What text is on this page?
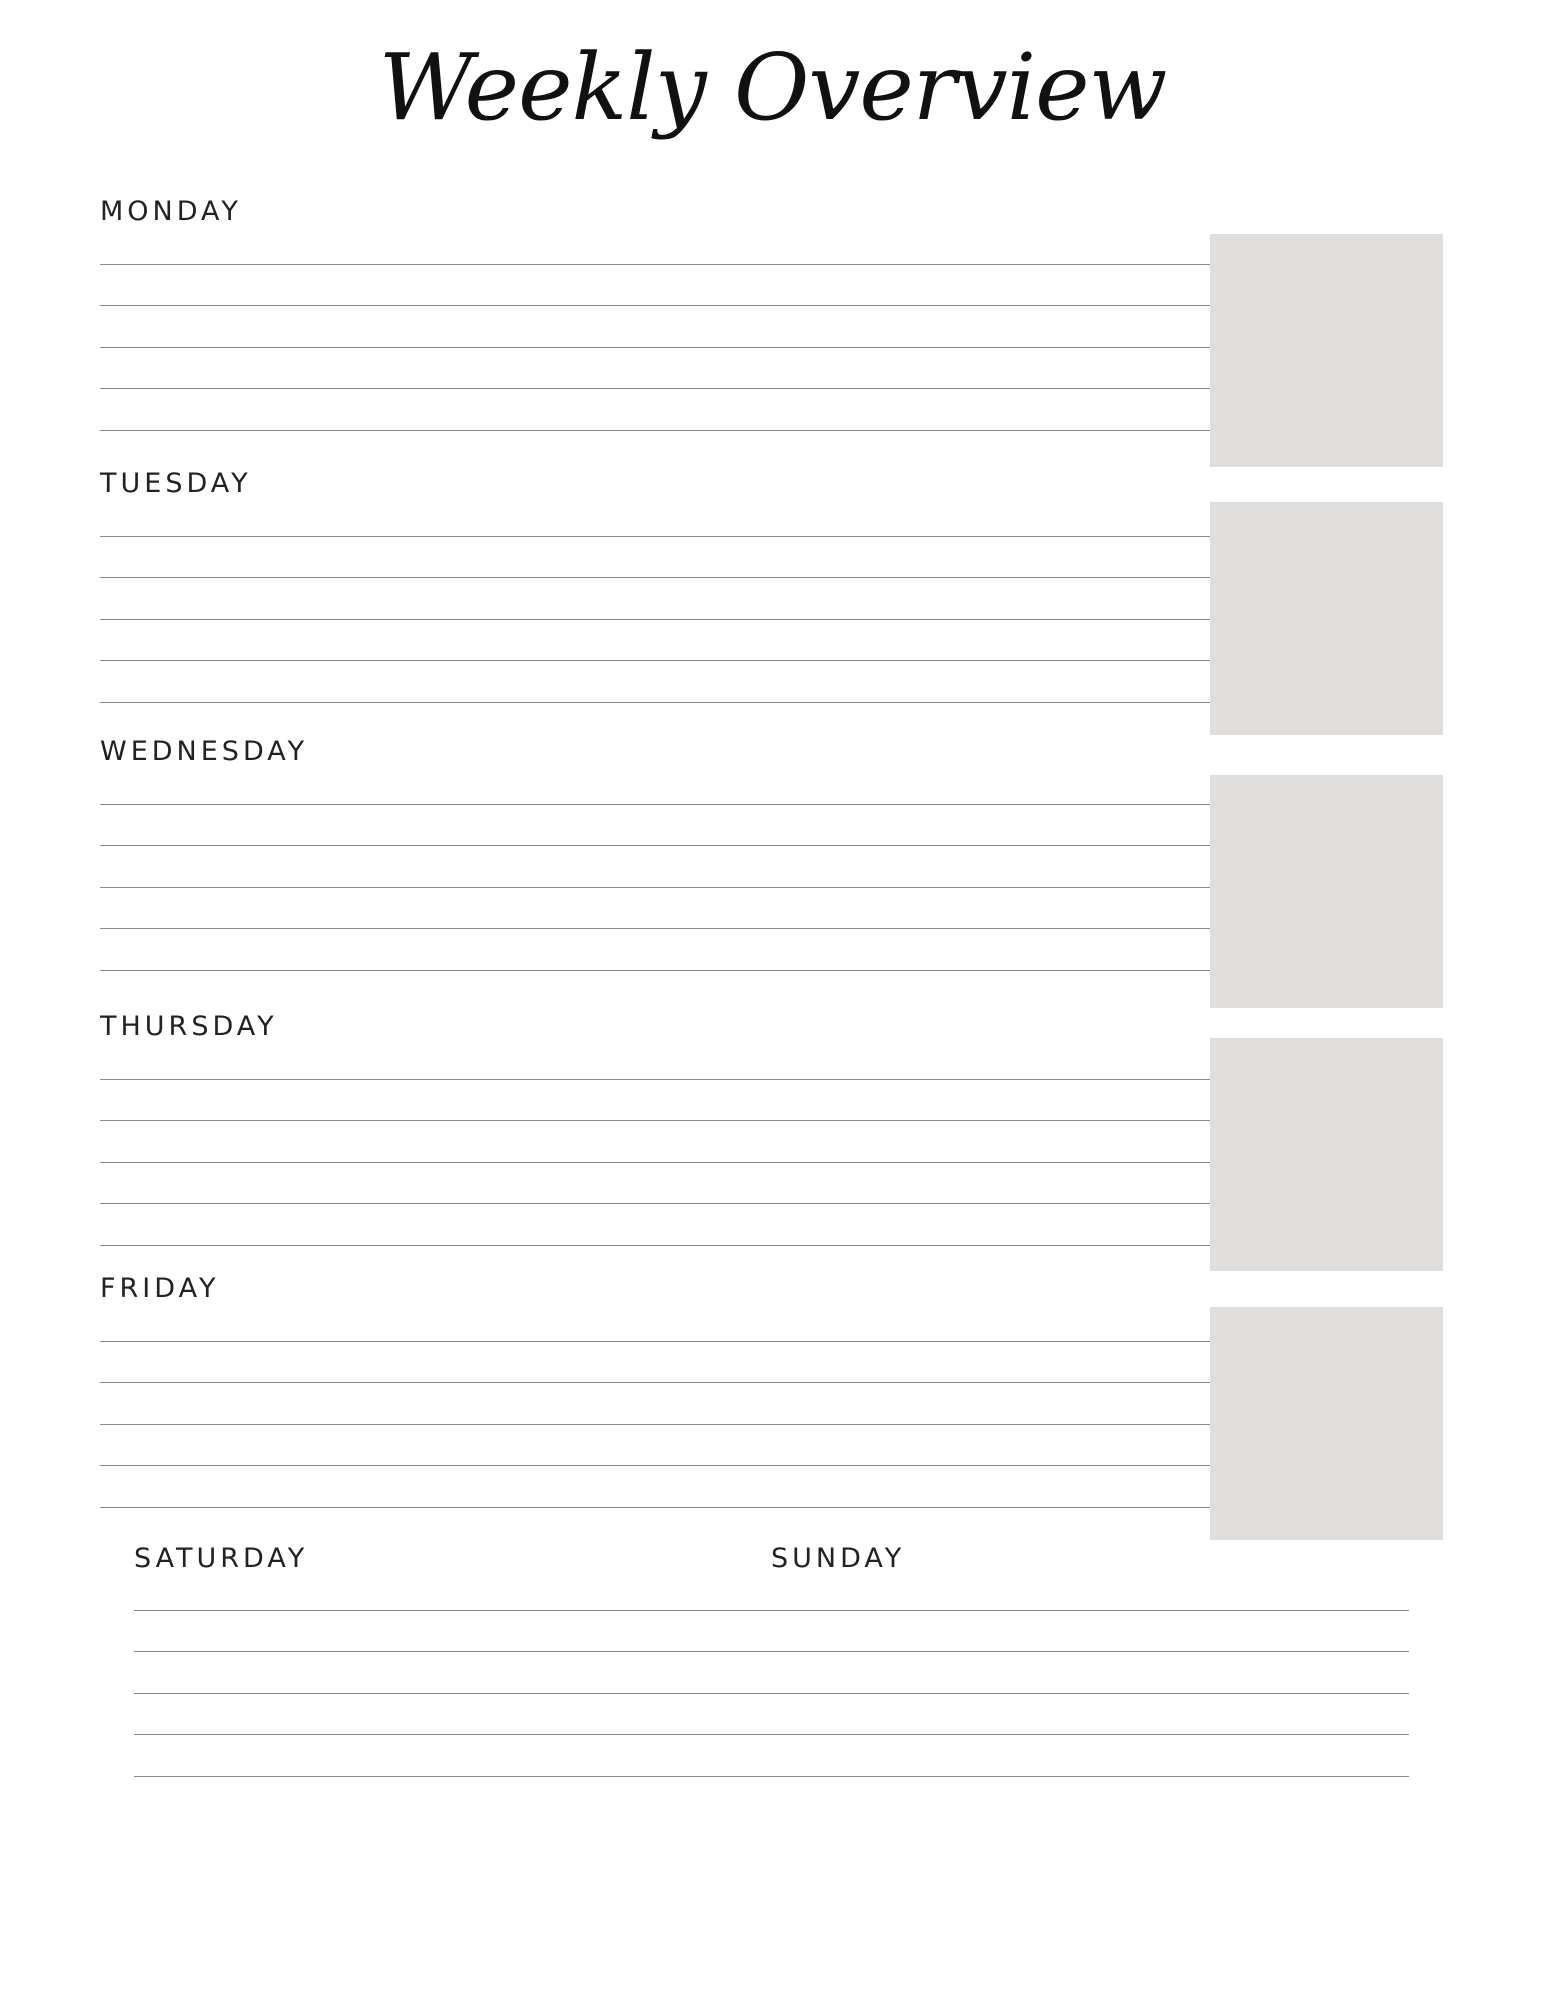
Weekly Overview
MONDAY
TUESDAY
WEDNESDAY
THURSDAY
FRIDAY
SATURDAY	SUNDAY
